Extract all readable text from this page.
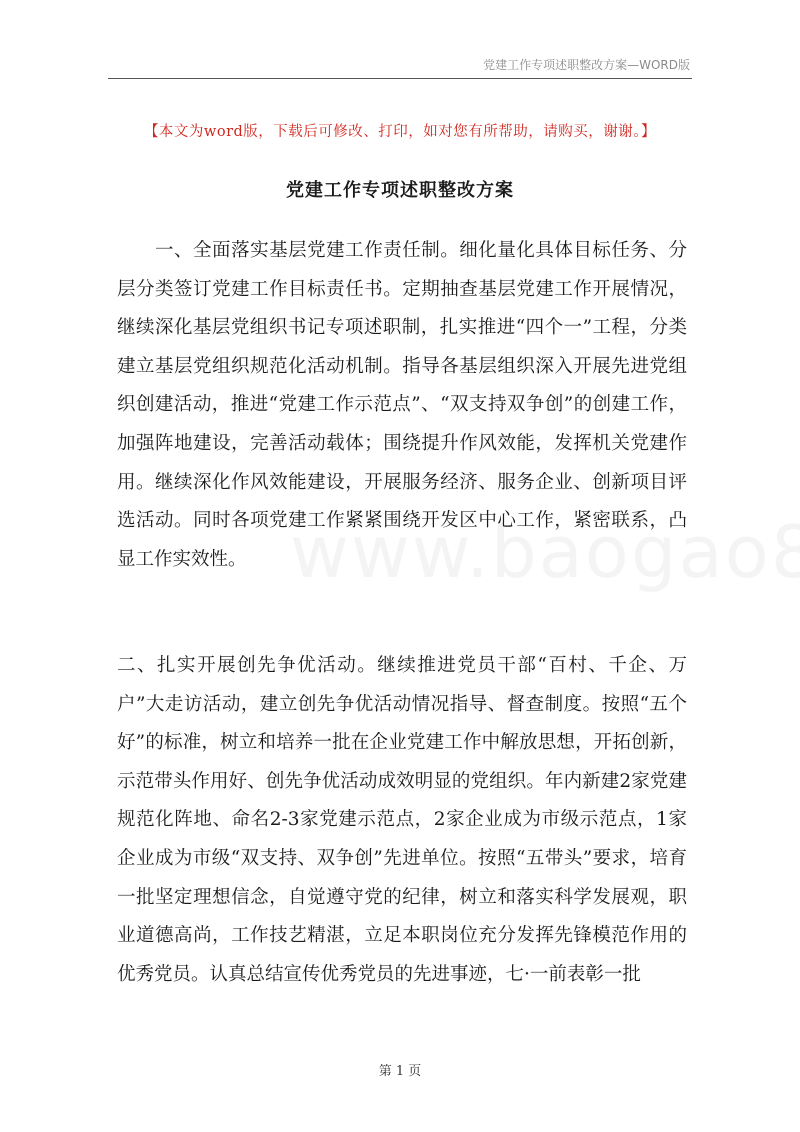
党建工作专项述职整改方案—WORD版
【本文为word版，下载后可修改、打印，如对您有所帮助，请购买，谢谢。】
党建工作专项述职整改方案

一、全面落实基层党建工作责任制。细化量化具体目标任务、分层分类签订党建工作目标责任书。定期抽查基层党建工作开展情况，继续深化基层党组织书记专项述职制，扎实推进“四个一”工程，分类建立基层党组织规范化活动机制。指导各基层组织深入开展先进党组织创建活动，推进“党建工作示范点”、“双支持双争创”的创建工作，加强阵地建设，完善活动载体；围绕提升作风效能，发挥机关党建作用。继续深化作风效能建设，开展服务经济、服务企业、创新项目评选活动。同时各项党建工作紧紧围绕开发区中心工作，紧密联系，凸显工作实效性。

二、扎实开展创先争优活动。继续推进党员干部“百村、千企、万户”大走访活动，建立创先争优活动情况指导、督查制度。按照“五个好”的标准，树立和培养一批在企业党建工作中解放思想，开拓创新，示范带头作用好、创先争优活动成效明显的党组织。年内新建2家党建规范化阵地、命名2-3家党建示范点，2家企业成为市级示范点，1家企业成为市级“双支持、双争创”先进单位。按照“五带头”要求，培育一批坚定理想信念，自觉遵守党的纪律，树立和落实科学发展观，职业道德高尚，工作技艺精湛，立足本职岗位充分发挥先锋模范作用的优秀党员。认真总结宣传优秀党员的先进事迹，七·一前表彰一批

第 1 页
